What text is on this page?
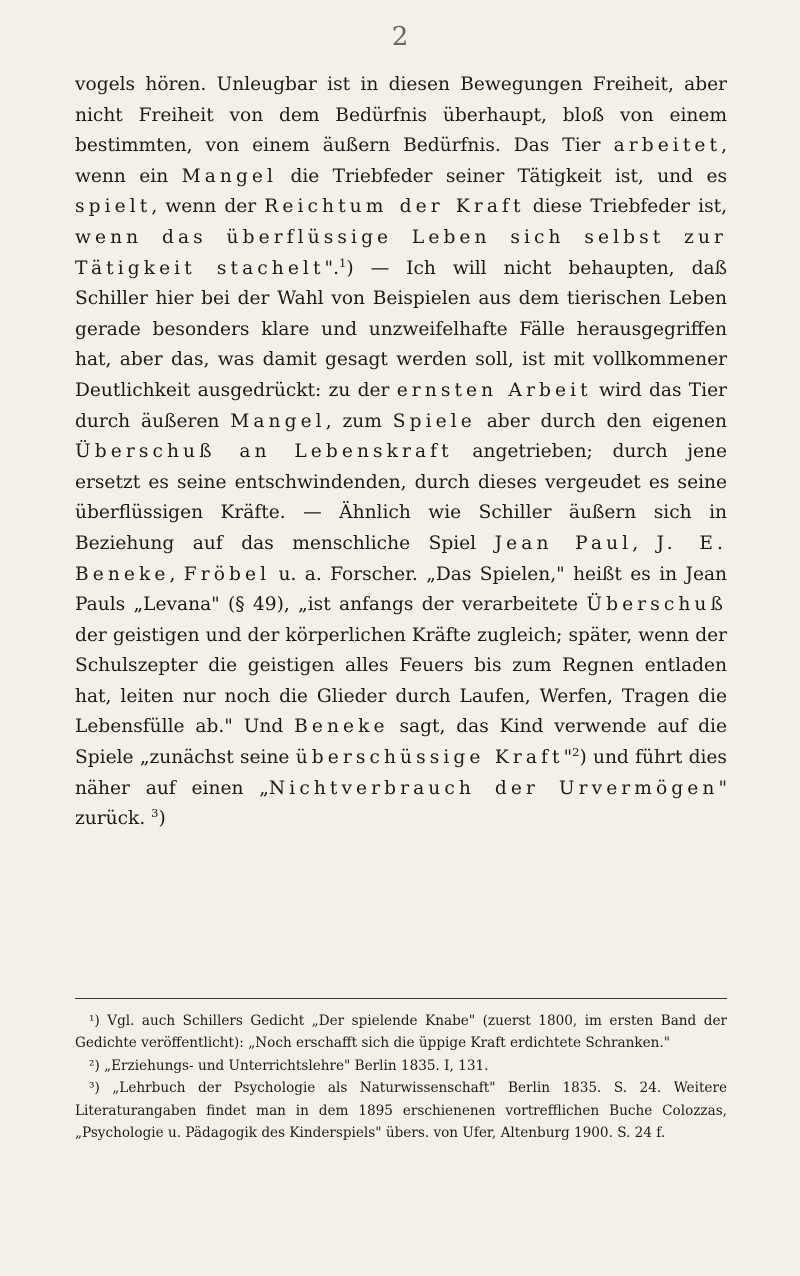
2

vogels hören. Unleugbar ist in diesen Bewegungen Freiheit, aber nicht Freiheit von dem Bedürfnis überhaupt, bloß von einem bestimmten, von einem äußern Bedürfnis. Das Tier arbeitet, wenn ein Mangel die Triebfeder seiner Tätigkeit ist, und es spielt, wenn der Reichtum der Kraft diese Triebfeder ist, wenn das überflüssige Leben sich selbst zur Tätigkeit stachelt".$^1$) — Ich will nicht behaupten, daß Schiller hier bei der Wahl von Beispielen aus dem tierischen Leben gerade besonders klare und unzweifelhafte Fälle herausgegriffen hat, aber das, was damit gesagt werden soll, ist mit vollkommener Deutlichkeit ausgedrückt: zu der ernsten Arbeit wird das Tier durch äußeren Mangel, zum Spiele aber durch den eigenen Überschuß an Lebenskraft angetrieben; durch jene ersetzt es seine entschwindenden, durch dieses vergeudet es seine überflüssigen Kräfte. — Ähnlich wie Schiller äußern sich in Beziehung auf das menschliche Spiel Jean Paul, J. E. Beneke, Fröbel u. a. Forscher. „Das Spielen," heißt es in Jean Pauls „Levana" (§ 49), „ist anfangs der verarbeitete Überschuß der geistigen und der körperlichen Kräfte zugleich; später, wenn der Schulszepter die geistigen alles Feuers bis zum Regnen entladen hat, leiten nur noch die Glieder durch Laufen, Werfen, Tragen die Lebensfülle ab." Und Beneke sagt, das Kind verwende auf die Spiele „zunächst seine überschüssige Kraft"$^2$) und führt dies näher auf einen „Nichtverbrauch der Urvermögen" zurück. $^3$)

¹) Vgl. auch Schillers Gedicht „Der spielende Knabe" (zuerst 1800, im ersten Band der Gedichte veröffentlicht): „Noch erschafft sich die üppige Kraft erdichtete Schranken."

²) „Erziehungs- und Unterrichtslehre" Berlin 1835. I, 131.

³) „Lehrbuch der Psychologie als Naturwissenschaft" Berlin 1835. S. 24. Weitere Literaturangaben findet man in dem 1895 erschienenen vortrefflichen Buche Colozzas, „Psychologie u. Pädagogik des Kinderspiels" übers. von Ufer, Altenburg 1900. S. 24 f.
